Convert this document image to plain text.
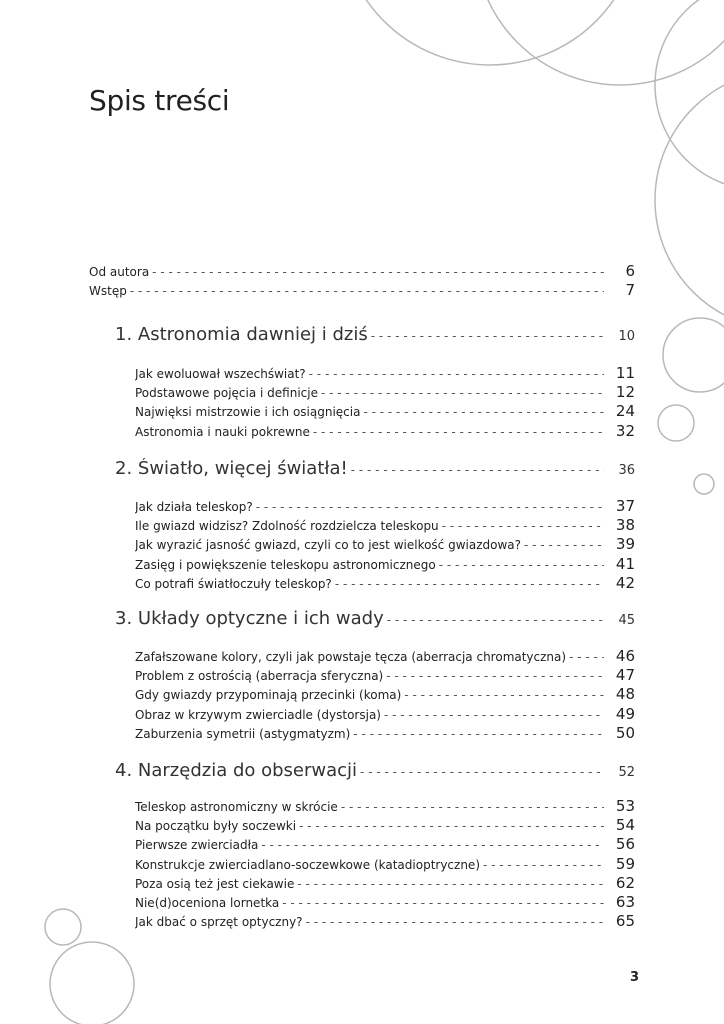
Spis treści
Od autora - - -	6
Wstęp - - -	7
1. Astronomia dawniej i dziś - - -	10
Jak ewoluował wszechświat? - - -	11
Podstawowe pojęcia i definicje - - -	12
Najwięksi mistrzowie i ich osiągnięcia - - -	24
Astronomia i nauki pokrewne - - -	32
2. Światło, więcej światła! - - -	36
Jak działa teleskop? - - -	37
Ile gwiazd widzisz? Zdolność rozdzielcza teleskopu - - -	38
Jak wyrazić jasność gwiazd, czyli co to jest wielkość gwiazdowa? - - -	39
Zasięg i powiększenie teleskopu astronomicznego - - -	41
Co potrafi światłoczuły teleskop? - - -	42
3. Układy optyczne i ich wady - - -	45
Zafałszowane kolory, czyli jak powstaje tęcza (aberracja chromatyczna) - - -	46
Problem z ostrością (aberracja sferyczna) - - -	47
Gdy gwiazdy przypominają przecinki (koma) - - -	48
Obraz w krzywym zwierciadle (dystorsja) - - -	49
Zaburzenia symetrii (astygmatyzm) - - -	50
4. Narzędzia do obserwacji - - -	52
Teleskop astronomiczny w skrócie - - -	53
Na początku były soczewki - - -	54
Pierwsze zwierciadła - - -	56
Konstrukcje zwierciadlano-soczewkowe (katadioptryczne) - - -	59
Poza osią też jest ciekawie - - -	62
Nie(d)oceniona lornetka - - -	63
Jak dbać o sprzęt optyczny? - - -	65
3
